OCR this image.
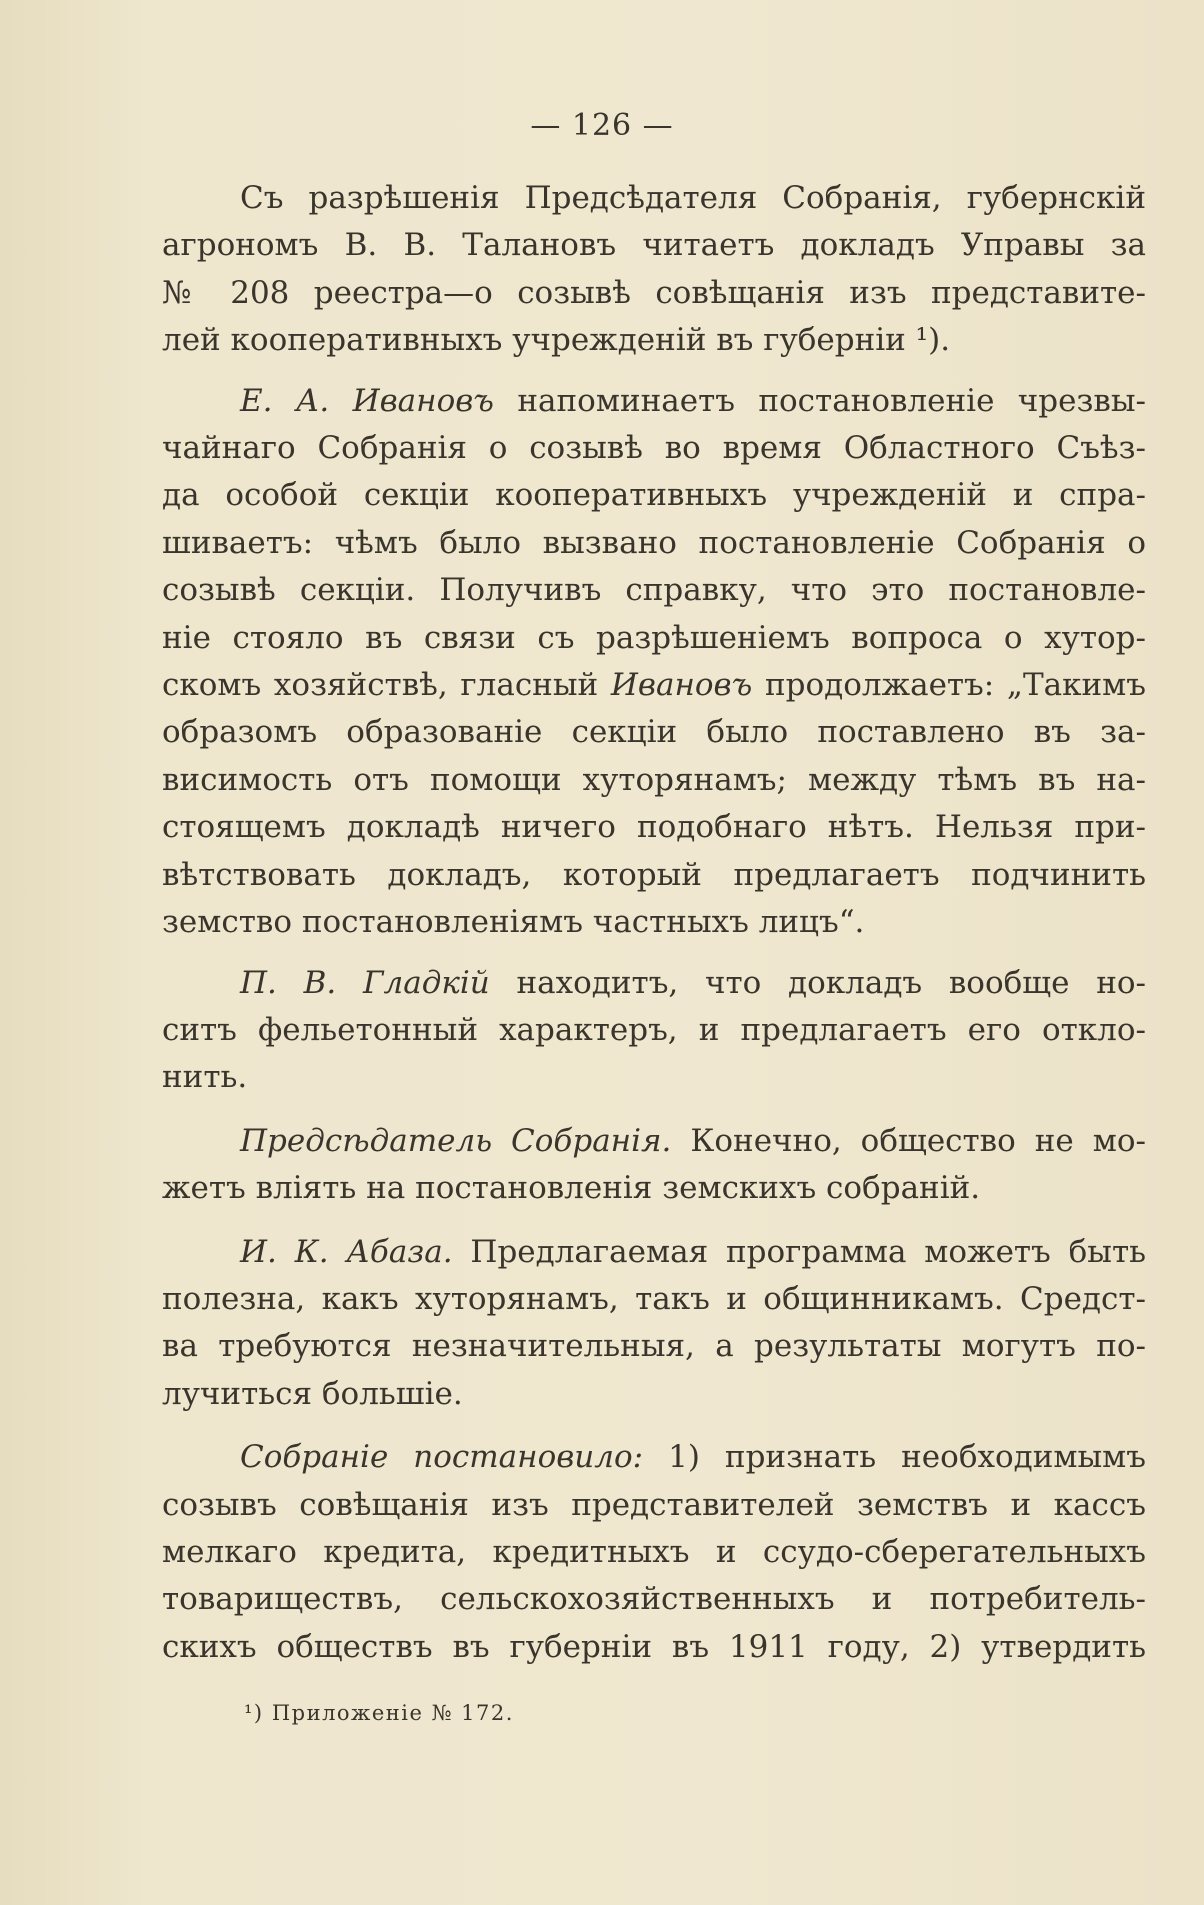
— 126 —

Съ разрѣшенія Предсѣдателя Собранія, губернскій
агрономъ В. В. Талановъ читаетъ докладъ Управы за
№ 208 реестра—о созывѣ совѣщанія изъ представите-
лей кооперативныхъ учрежденій въ губерніи ¹).

Е. А. Ивановъ напоминаетъ постановленіе чрезвы-
чайнаго Собранія о созывѣ во время Областного Съѣз-
да особой секціи кооперативныхъ учрежденій и спра-
шиваетъ: чѣмъ было вызвано постановленіе Собранія о
созывѣ секціи. Получивъ справку, что это постановле-
ніе стояло въ связи съ разрѣшеніемъ вопроса о хутор-
скомъ хозяйствѣ, гласный Ивановъ продолжаетъ: „Такимъ
образомъ образованіе секціи было поставлено въ за-
висимость отъ помощи хуторянамъ; между тѣмъ въ на-
стоящемъ докладѣ ничего подобнаго нѣтъ. Нельзя при-
вѣтствовать докладъ, который предлагаетъ подчинить
земство постановленіямъ частныхъ лицъ“.

П. В. Гладкій находитъ, что докладъ вообще но-
ситъ фельетонный характеръ, и предлагаетъ его откло-
нить.

Предсѣдатель Собранія. Конечно, общество не мо-
жетъ вліять на постановленія земскихъ собраній.

И. К. Абаза. Предлагаемая программа можетъ быть
полезна, какъ хуторянамъ, такъ и общинникамъ. Средст-
ва требуются незначительныя, а результаты могутъ по-
лучиться большіе.

Собраніе постановило: 1) признать необходимымъ
созывъ совѣщанія изъ представителей земствъ и кассъ
мелкаго кредита, кредитныхъ и ссудо-сберегательныхъ
товариществъ, сельскохозяйственныхъ и потребитель-
скихъ обществъ въ губерніи въ 1911 году, 2) утвердить

¹) Приложеніе № 172.
